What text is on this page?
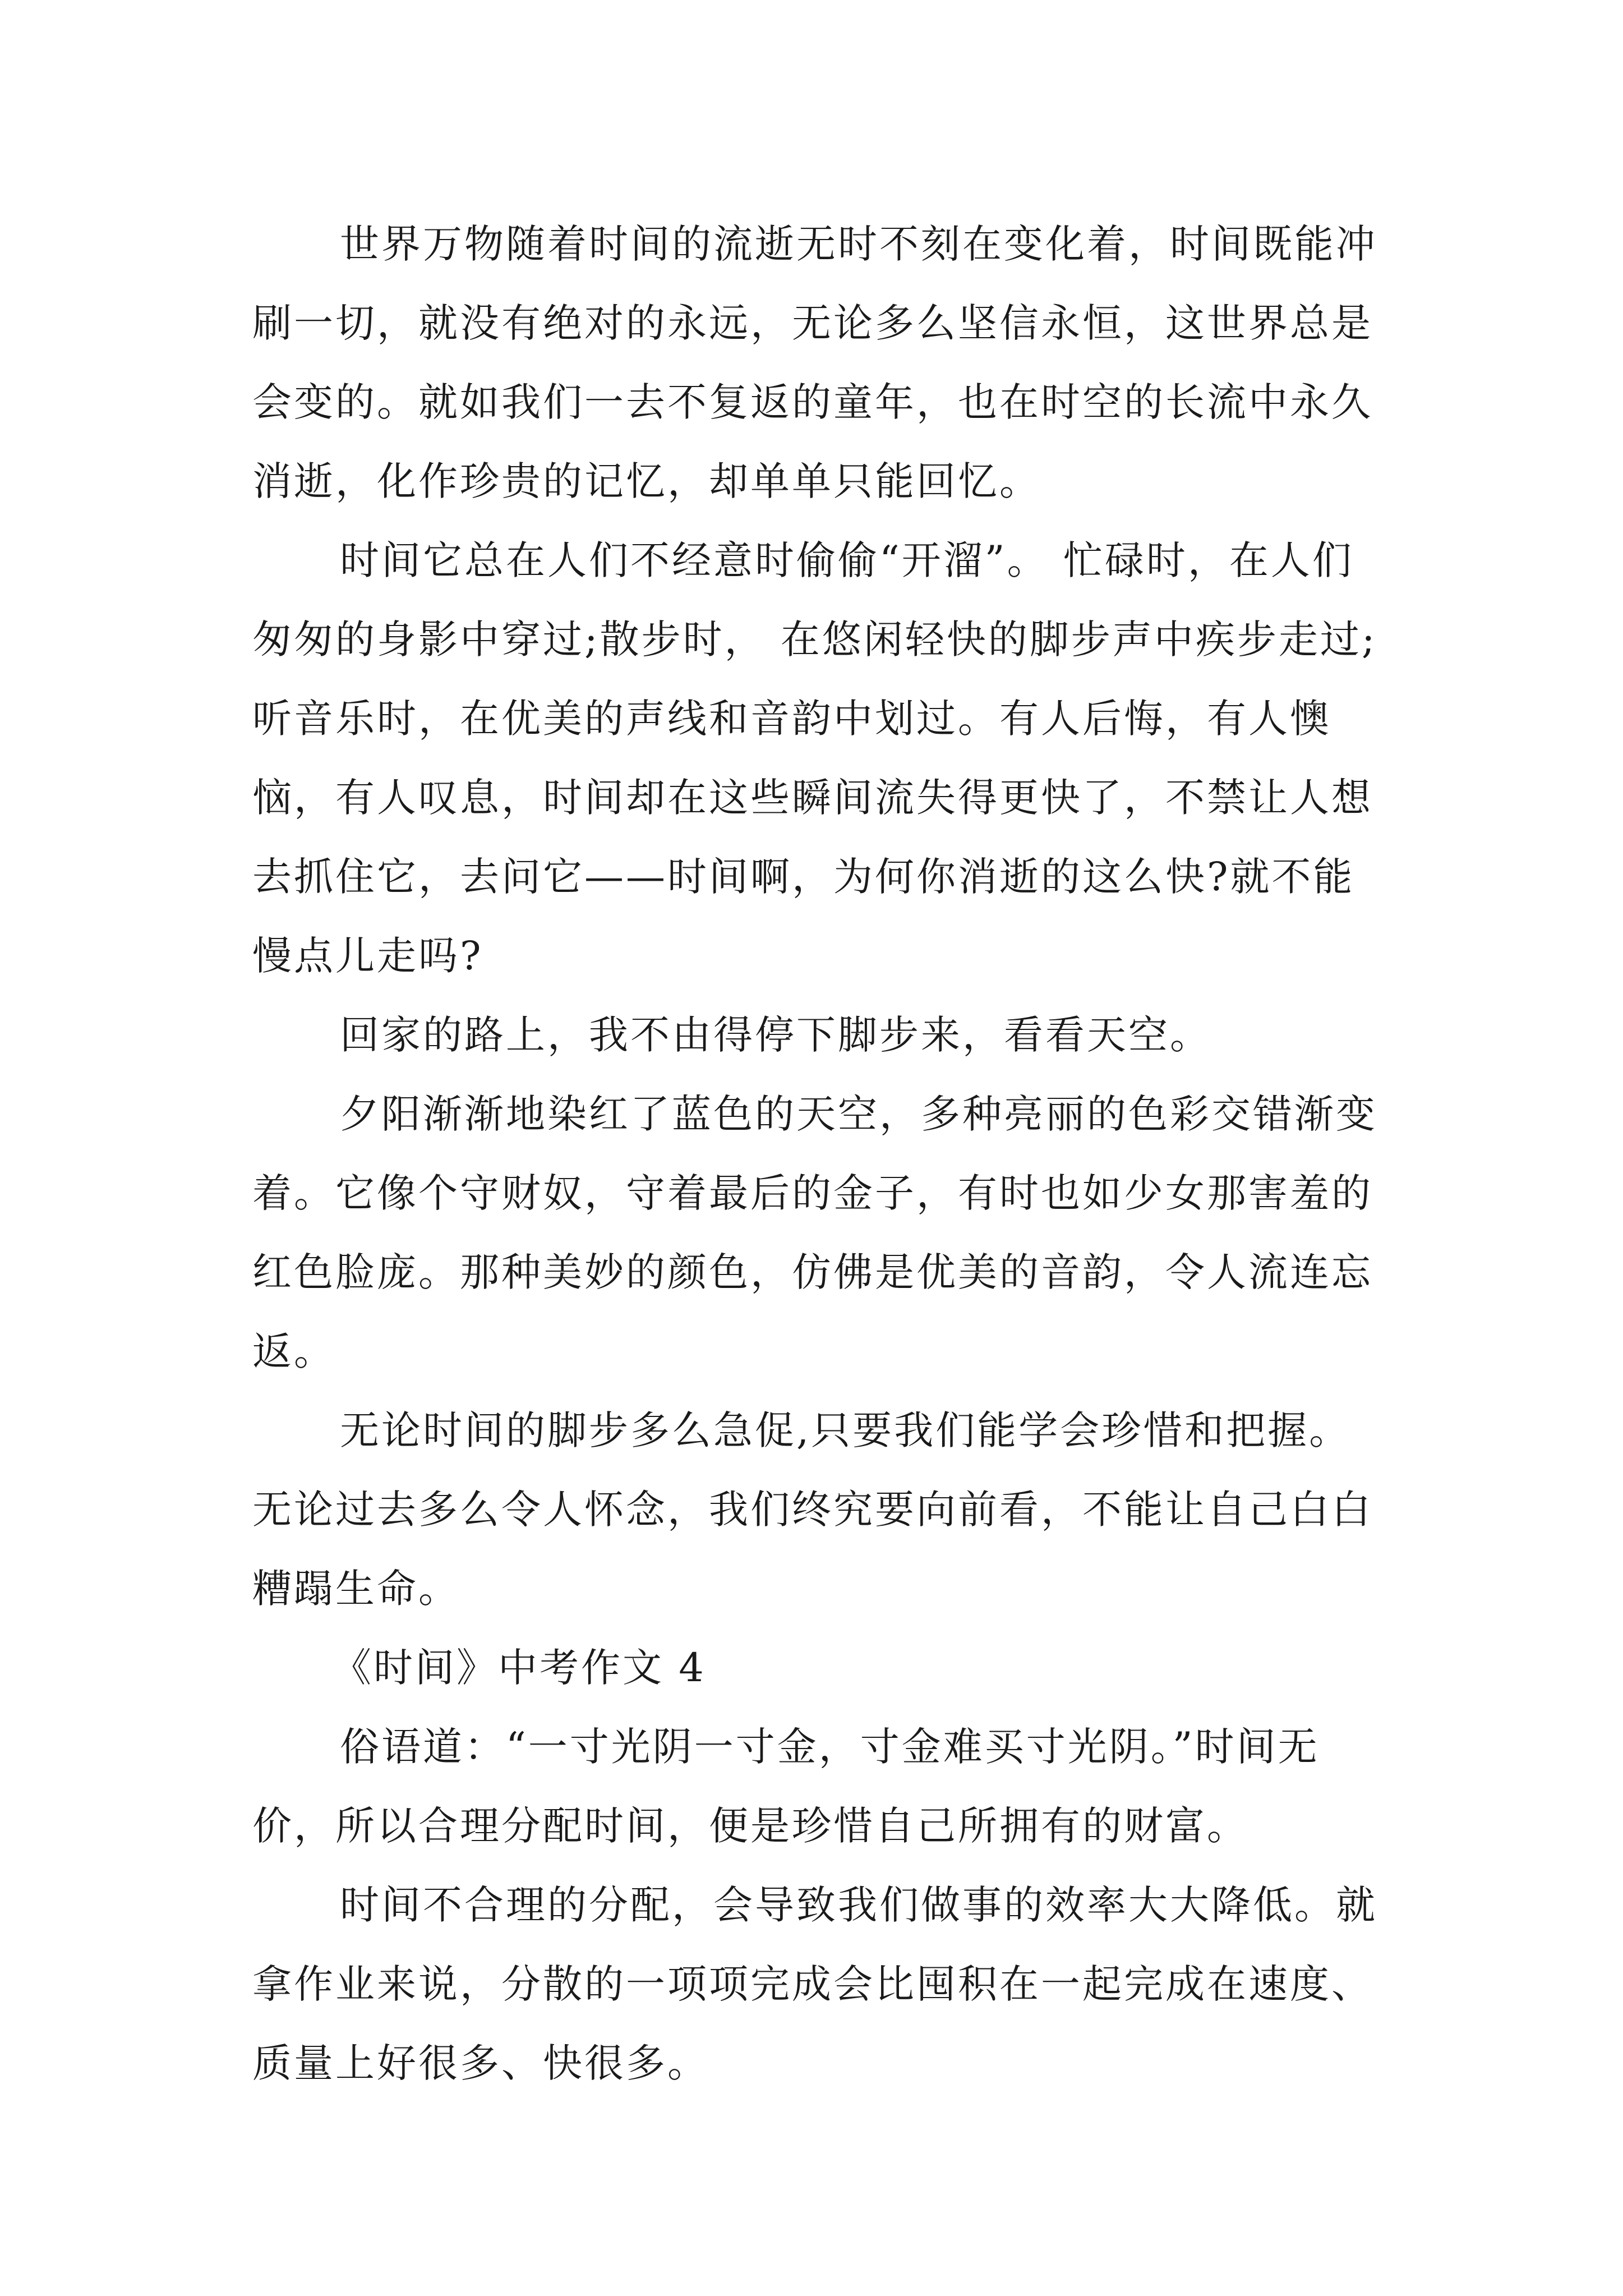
世界万物随着时间的流逝无时不刻在变化着，时间既能冲刷一切，就没有绝对的永远，无论多么坚信永恒，这世界总是会变的。就如我们一去不复返的童年，也在时空的长流中永久消逝，化作珍贵的记忆，却单单只能回忆。

时间它总在人们不经意时偷偷“开溜”。 忙碌时，在人们匆匆的身影中穿过;散步时， 在悠闲轻快的脚步声中疾步走过;听音乐时，在优美的声线和音韵中划过。有人后悔，有人懊恼，有人叹息，时间却在这些瞬间流失得更快了，不禁让人想去抓住它，去问它——时间啊，为何你消逝的这么快?就不能慢点儿走吗?

回家的路上，我不由得停下脚步来，看看天空。

夕阳渐渐地染红了蓝色的天空，多种亮丽的色彩交错渐变着。它像个守财奴，守着最后的金子，有时也如少女那害羞的红色脸庞。那种美妙的颜色，仿佛是优美的音韵，令人流连忘返。

无论时间的脚步多么急促,只要我们能学会珍惜和把握。无论过去多么令人怀念，我们终究要向前看，不能让自己白白糟蹋生命。

《时间》中考作文 4

俗语道：“一寸光阴一寸金，寸金难买寸光阴。”时间无价，所以合理分配时间，便是珍惜自己所拥有的财富。

时间不合理的分配，会导致我们做事的效率大大降低。就拿作业来说，分散的一项项完成会比囤积在一起完成在速度、质量上好很多、快很多。
